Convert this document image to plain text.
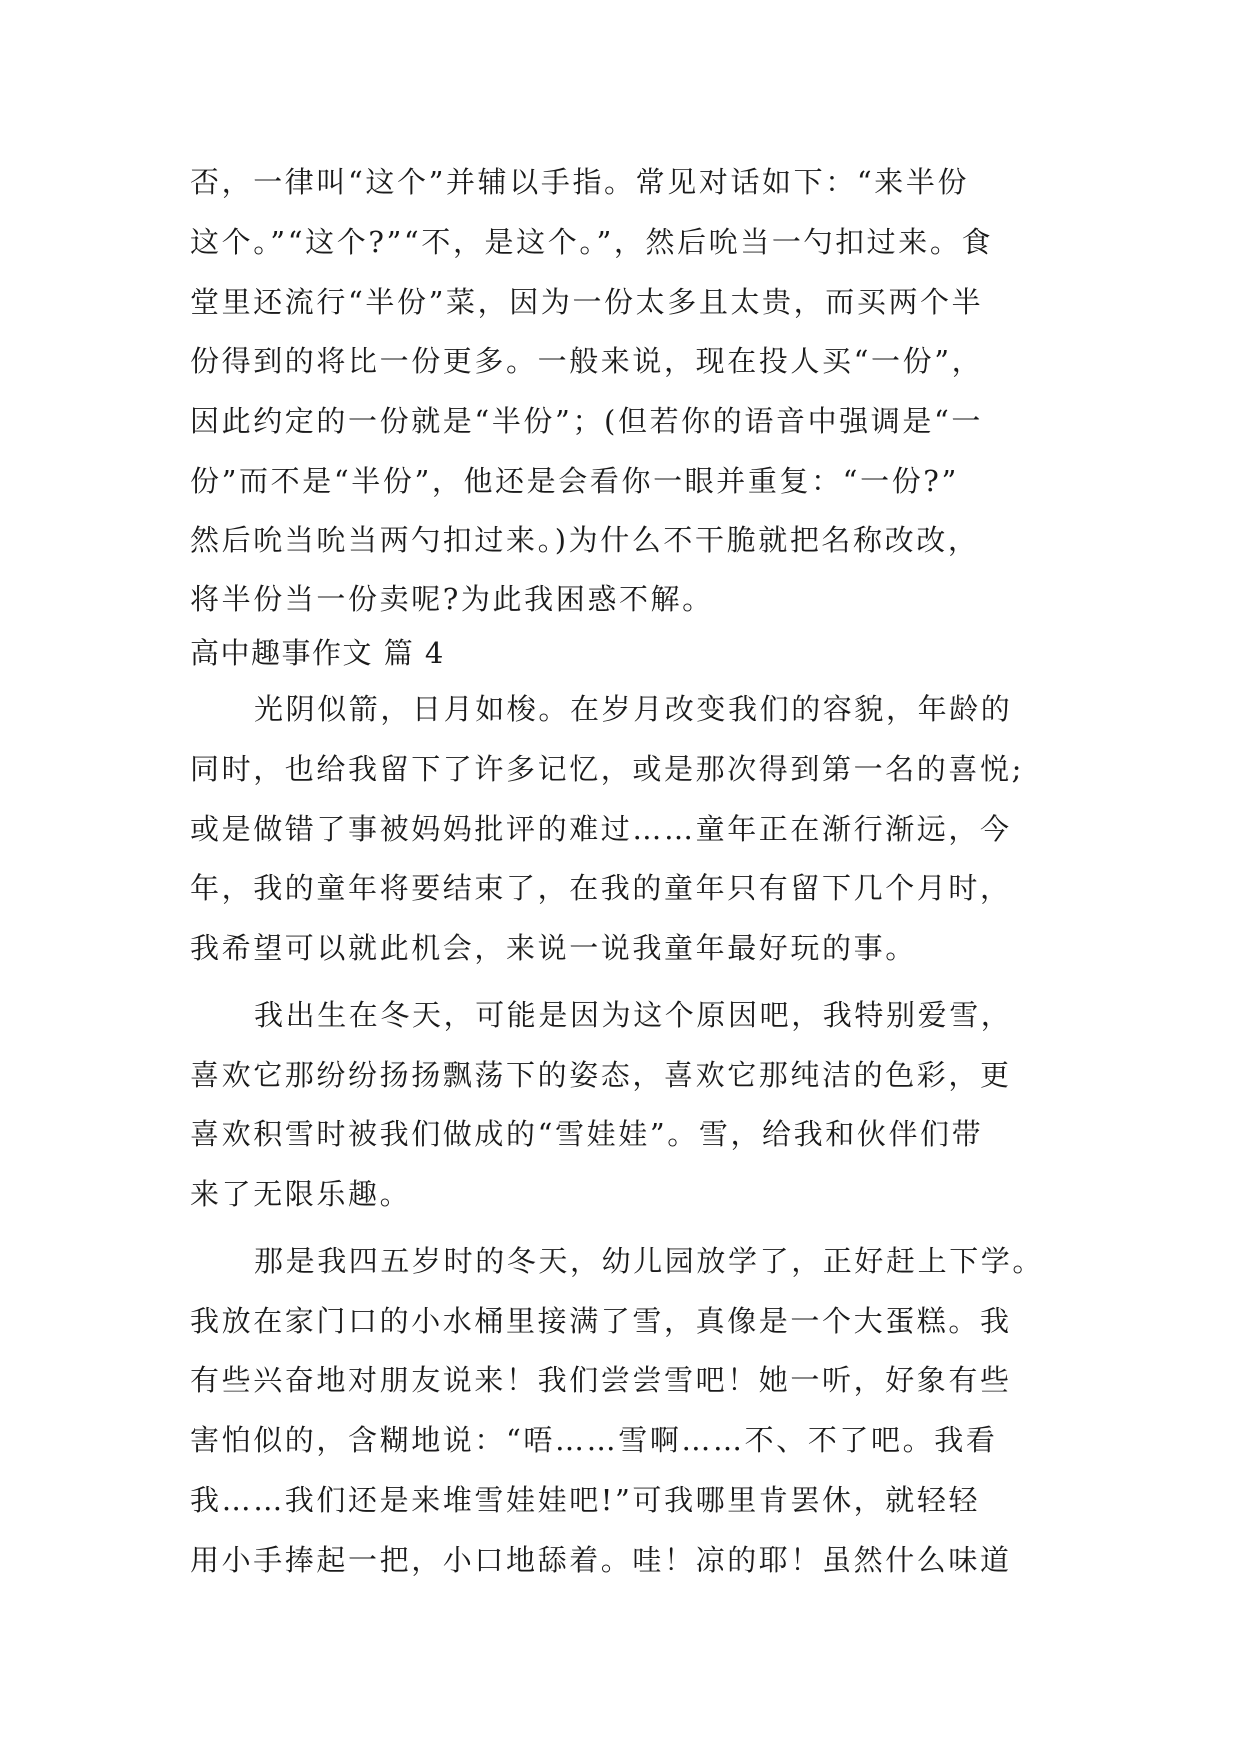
否，一律叫“这个”并辅以手指。常见对话如下：“来半份
这个。”“这个?”“不，是这个。”，然后吮当一勺扣过来。食
堂里还流行“半份”菜，因为一份太多且太贵，而买两个半
份得到的将比一份更多。一般来说，现在投人买“一份”，
因此约定的一份就是“半份”；(但若你的语音中强调是“一
份”而不是“半份”，他还是会看你一眼并重复：“一份?”
然后吮当吮当两勺扣过来。)为什么不干脆就把名称改改，
将半份当一份卖呢?为此我困惑不解。
高中趣事作文 篇 4
光阴似箭，日月如梭。在岁月改变我们的容貌，年龄的
同时，也给我留下了许多记忆，或是那次得到第一名的喜悦;
或是做错了事被妈妈批评的难过……童年正在渐行渐远，今
年，我的童年将要结束了，在我的童年只有留下几个月时，
我希望可以就此机会，来说一说我童年最好玩的事。
我出生在冬天，可能是因为这个原因吧，我特别爱雪，
喜欢它那纷纷扬扬飘荡下的姿态，喜欢它那纯洁的色彩，更
喜欢积雪时被我们做成的“雪娃娃”。雪，给我和伙伴们带
来了无限乐趣。
那是我四五岁时的冬天，幼儿园放学了，正好赶上下学。
我放在家门口的小水桶里接满了雪，真像是一个大蛋糕。我
有些兴奋地对朋友说来！我们尝尝雪吧！她一听，好象有些
害怕似的，含糊地说：“唔……雪啊……不、不了吧。我看
我……我们还是来堆雪娃娃吧!”可我哪里肯罢休，就轻轻
用小手捧起一把，小口地舔着。哇！凉的耶！虽然什么味道
